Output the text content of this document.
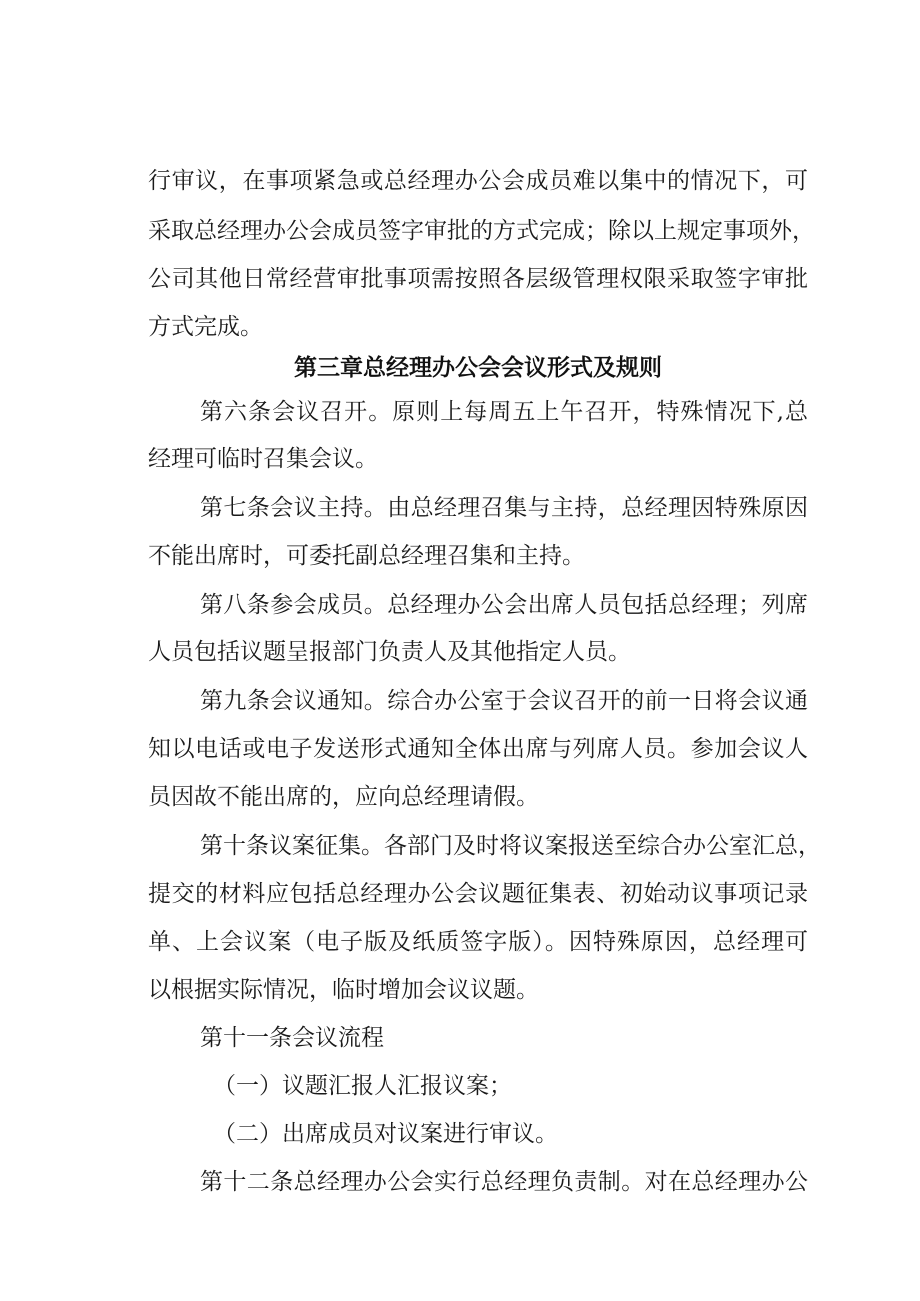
行审议，在事项紧急或总经理办公会成员难以集中的情况下，可
采取总经理办公会成员签字审批的方式完成；除以上规定事项外，
公司其他日常经营审批事项需按照各层级管理权限采取签字审批
方式完成。
第三章总经理办公会会议形式及规则
第六条会议召开。原则上每周五上午召开，特殊情况下,总
经理可临时召集会议。
第七条会议主持。由总经理召集与主持，总经理因特殊原因
不能出席时，可委托副总经理召集和主持。
第八条参会成员。总经理办公会出席人员包括总经理；列席
人员包括议题呈报部门负责人及其他指定人员。
第九条会议通知。综合办公室于会议召开的前一日将会议通
知以电话或电子发送形式通知全体出席与列席人员。参加会议人
员因故不能出席的，应向总经理请假。
第十条议案征集。各部门及时将议案报送至综合办公室汇总，
提交的材料应包括总经理办公会议题征集表、初始动议事项记录
单、上会议案（电子版及纸质签字版）。因特殊原因，总经理可
以根据实际情况，临时增加会议议题。
第十一条会议流程
（一）议题汇报人汇报议案；
（二）出席成员对议案进行审议。
第十二条总经理办公会实行总经理负责制。对在总经理办公
